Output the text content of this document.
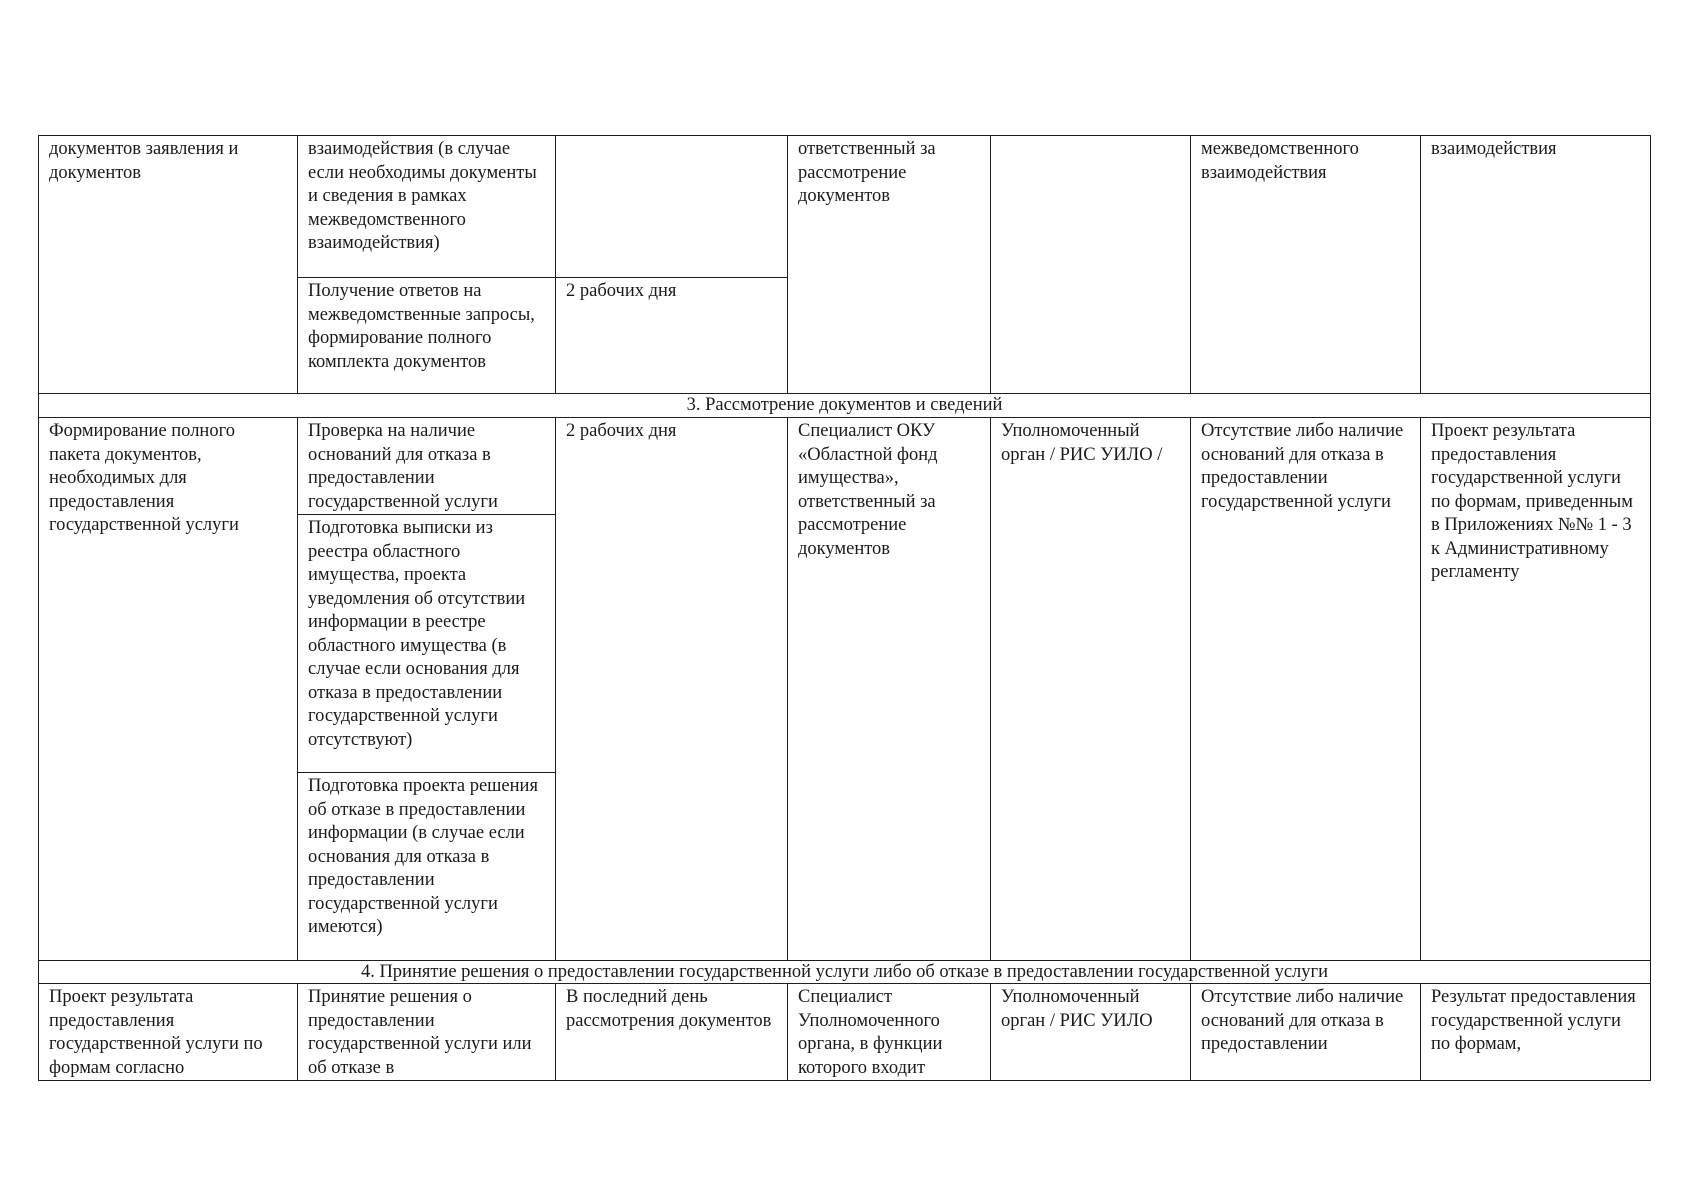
документов заявления и документов	взаимодействия (в случае если необходимы документы и сведения в рамках межведомственного взаимодействия)		ответственный за рассмотрение документов		межведомственного взаимодействия	взаимодействия
	Получение ответов на межведомственные запросы, формирование полного комплекта документов	2 рабочих дня				
3. Рассмотрение документов и сведений						
Формирование полного пакета документов, необходимых для предоставления государственной услуги	Проверка на наличие оснований для отказа в предоставлении государственной услуги	2 рабочих дня	Специалист ОКУ «Областной фонд имущества», ответственный за рассмотрение документов	Уполномоченный орган / РИС УИЛО /	Отсутствие либо наличие оснований для отказа в предоставлении государственной услуги	Проект результата предоставления государственной услуги по формам, приведенным в Приложениях №№ 1 - 3 к Административному регламенту
	Подготовка выписки из реестра областного имущества, проекта уведомления об отсутствии информации в реестре областного имущества (в случае если основания для отказа в предоставлении государственной услуги отсутствуют)					
	Подготовка проекта решения об отказе в предоставлении информации (в случае если основания для отказа в предоставлении государственной услуги имеются)					
4. Принятие решения о предоставлении государственной услуги либо об отказе в предоставлении государственной услуги						
Проект результата предоставления государственной услуги по формам согласно	Принятие решения о предоставлении государственной услуги или об отказе в	В последний день рассмотрения документов	Специалист Уполномоченного органа, в функции которого входит	Уполномоченный орган / РИС УИЛО	Отсутствие либо наличие оснований для отказа в предоставлении	Результат предоставления государственной услуги по формам,
